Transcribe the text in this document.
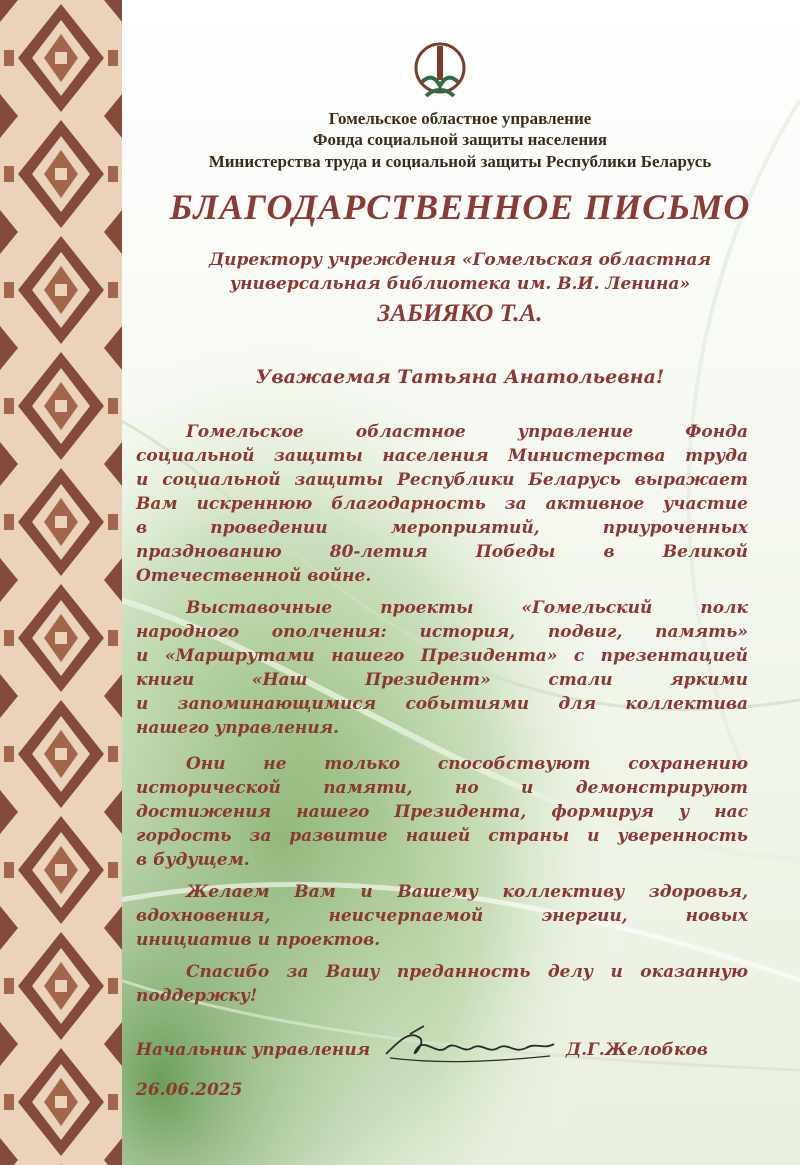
Гомельское областное управление
Фонда социальной защиты населения
Министерства труда и социальной защиты Республики Беларусь
БЛАГОДАРСТВЕННОЕ ПИСЬМО
Директору учреждения «Гомельская областная
универсальная библиотека им. В.И. Ленина»
ЗАБИЯКО Т.А.
Уважаемая Татьяна Анатольевна!
Гомельское областное управление Фонда
социальной защиты населения Министерства труда
и социальной защиты Республики Беларусь выражает
Вам искреннюю благодарность за активное участие
в проведении мероприятий, приуроченных
празднованию 80-летия Победы в Великой
Отечественной войне.
Выставочные проекты «Гомельский полк
народного ополчения: история, подвиг, память»
и «Маршрутами нашего Президента» с презентацией
книги «Наш Президент» стали яркими
и запоминающимися событиями для коллектива
нашего управления.
Они не только способствуют сохранению
исторической памяти, но и демонстрируют
достижения нашего Президента, формируя у нас
гордость за развитие нашей страны и уверенность
в будущем.
Желаем Вам и Вашему коллективу здоровья,
вдохновения, неисчерпаемой энергии, новых
инициатив и проектов.
Спасибо за Вашу преданность делу и оказанную
поддержку!
Начальник управления	Д.Г.Желобков
26.06.2025
